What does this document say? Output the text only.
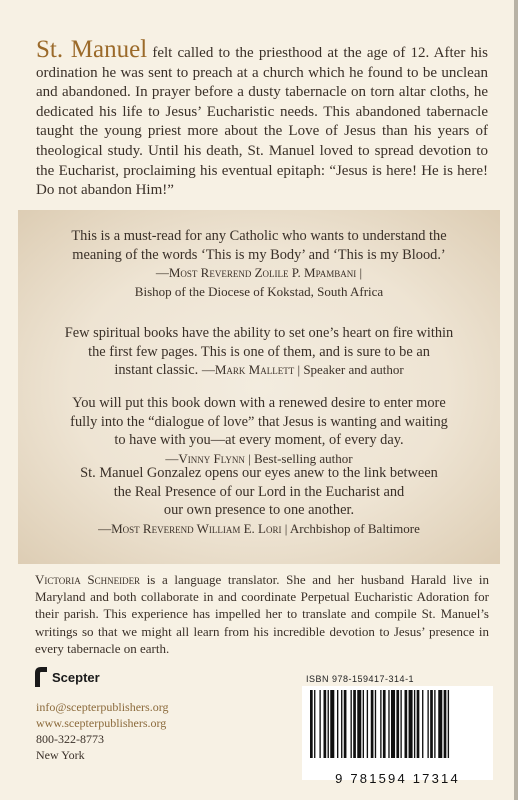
St. Manuel felt called to the priesthood at the age of 12. After his ordination he was sent to preach at a church which he found to be unclean and abandoned. In prayer before a dusty tabernacle on torn altar cloths, he dedicated his life to Jesus’ Eucharistic needs. This abandoned tabernacle taught the young priest more about the Love of Jesus than his years of theological study. Until his death, St. Manuel loved to spread devotion to the Eucharist, proclaiming his eventual epitaph: “Jesus is here! He is here! Do not abandon Him!”
This is a must-read for any Catholic who wants to understand the
meaning of the words ‘This is my Body’ and ‘This is my Blood.’
—Most Reverend Zolile P. Mpambani |
Bishop of the Diocese of Kokstad, South Africa
Few spiritual books have the ability to set one’s heart on fire within
the first few pages. This is one of them, and is sure to be an
instant classic. —Mark Mallett | Speaker and author
You will put this book down with a renewed desire to enter more
fully into the “dialogue of love” that Jesus is wanting and waiting
to have with you—at every moment, of every day.
—Vinny Flynn | Best-selling author
St. Manuel Gonzalez opens our eyes anew to the link between
the Real Presence of our Lord in the Eucharist and
our own presence to one another.
—Most Reverend William E. Lori | Archbishop of Baltimore
Victoria Schneider is a language translator. She and her husband Harald live in Maryland and both collaborate in and coordinate Perpetual Eucharistic Adoration for their parish. This experience has impelled her to translate and compile St. Manuel’s writings so that we might all learn from his incredible devotion to Jesus’ presence in every tabernacle on earth.
Scepter
info@scepterpublishers.org
www.scepterpublishers.org
800-322-8773
New York
ISBN 978-159417-314-1
9 781594 17314
